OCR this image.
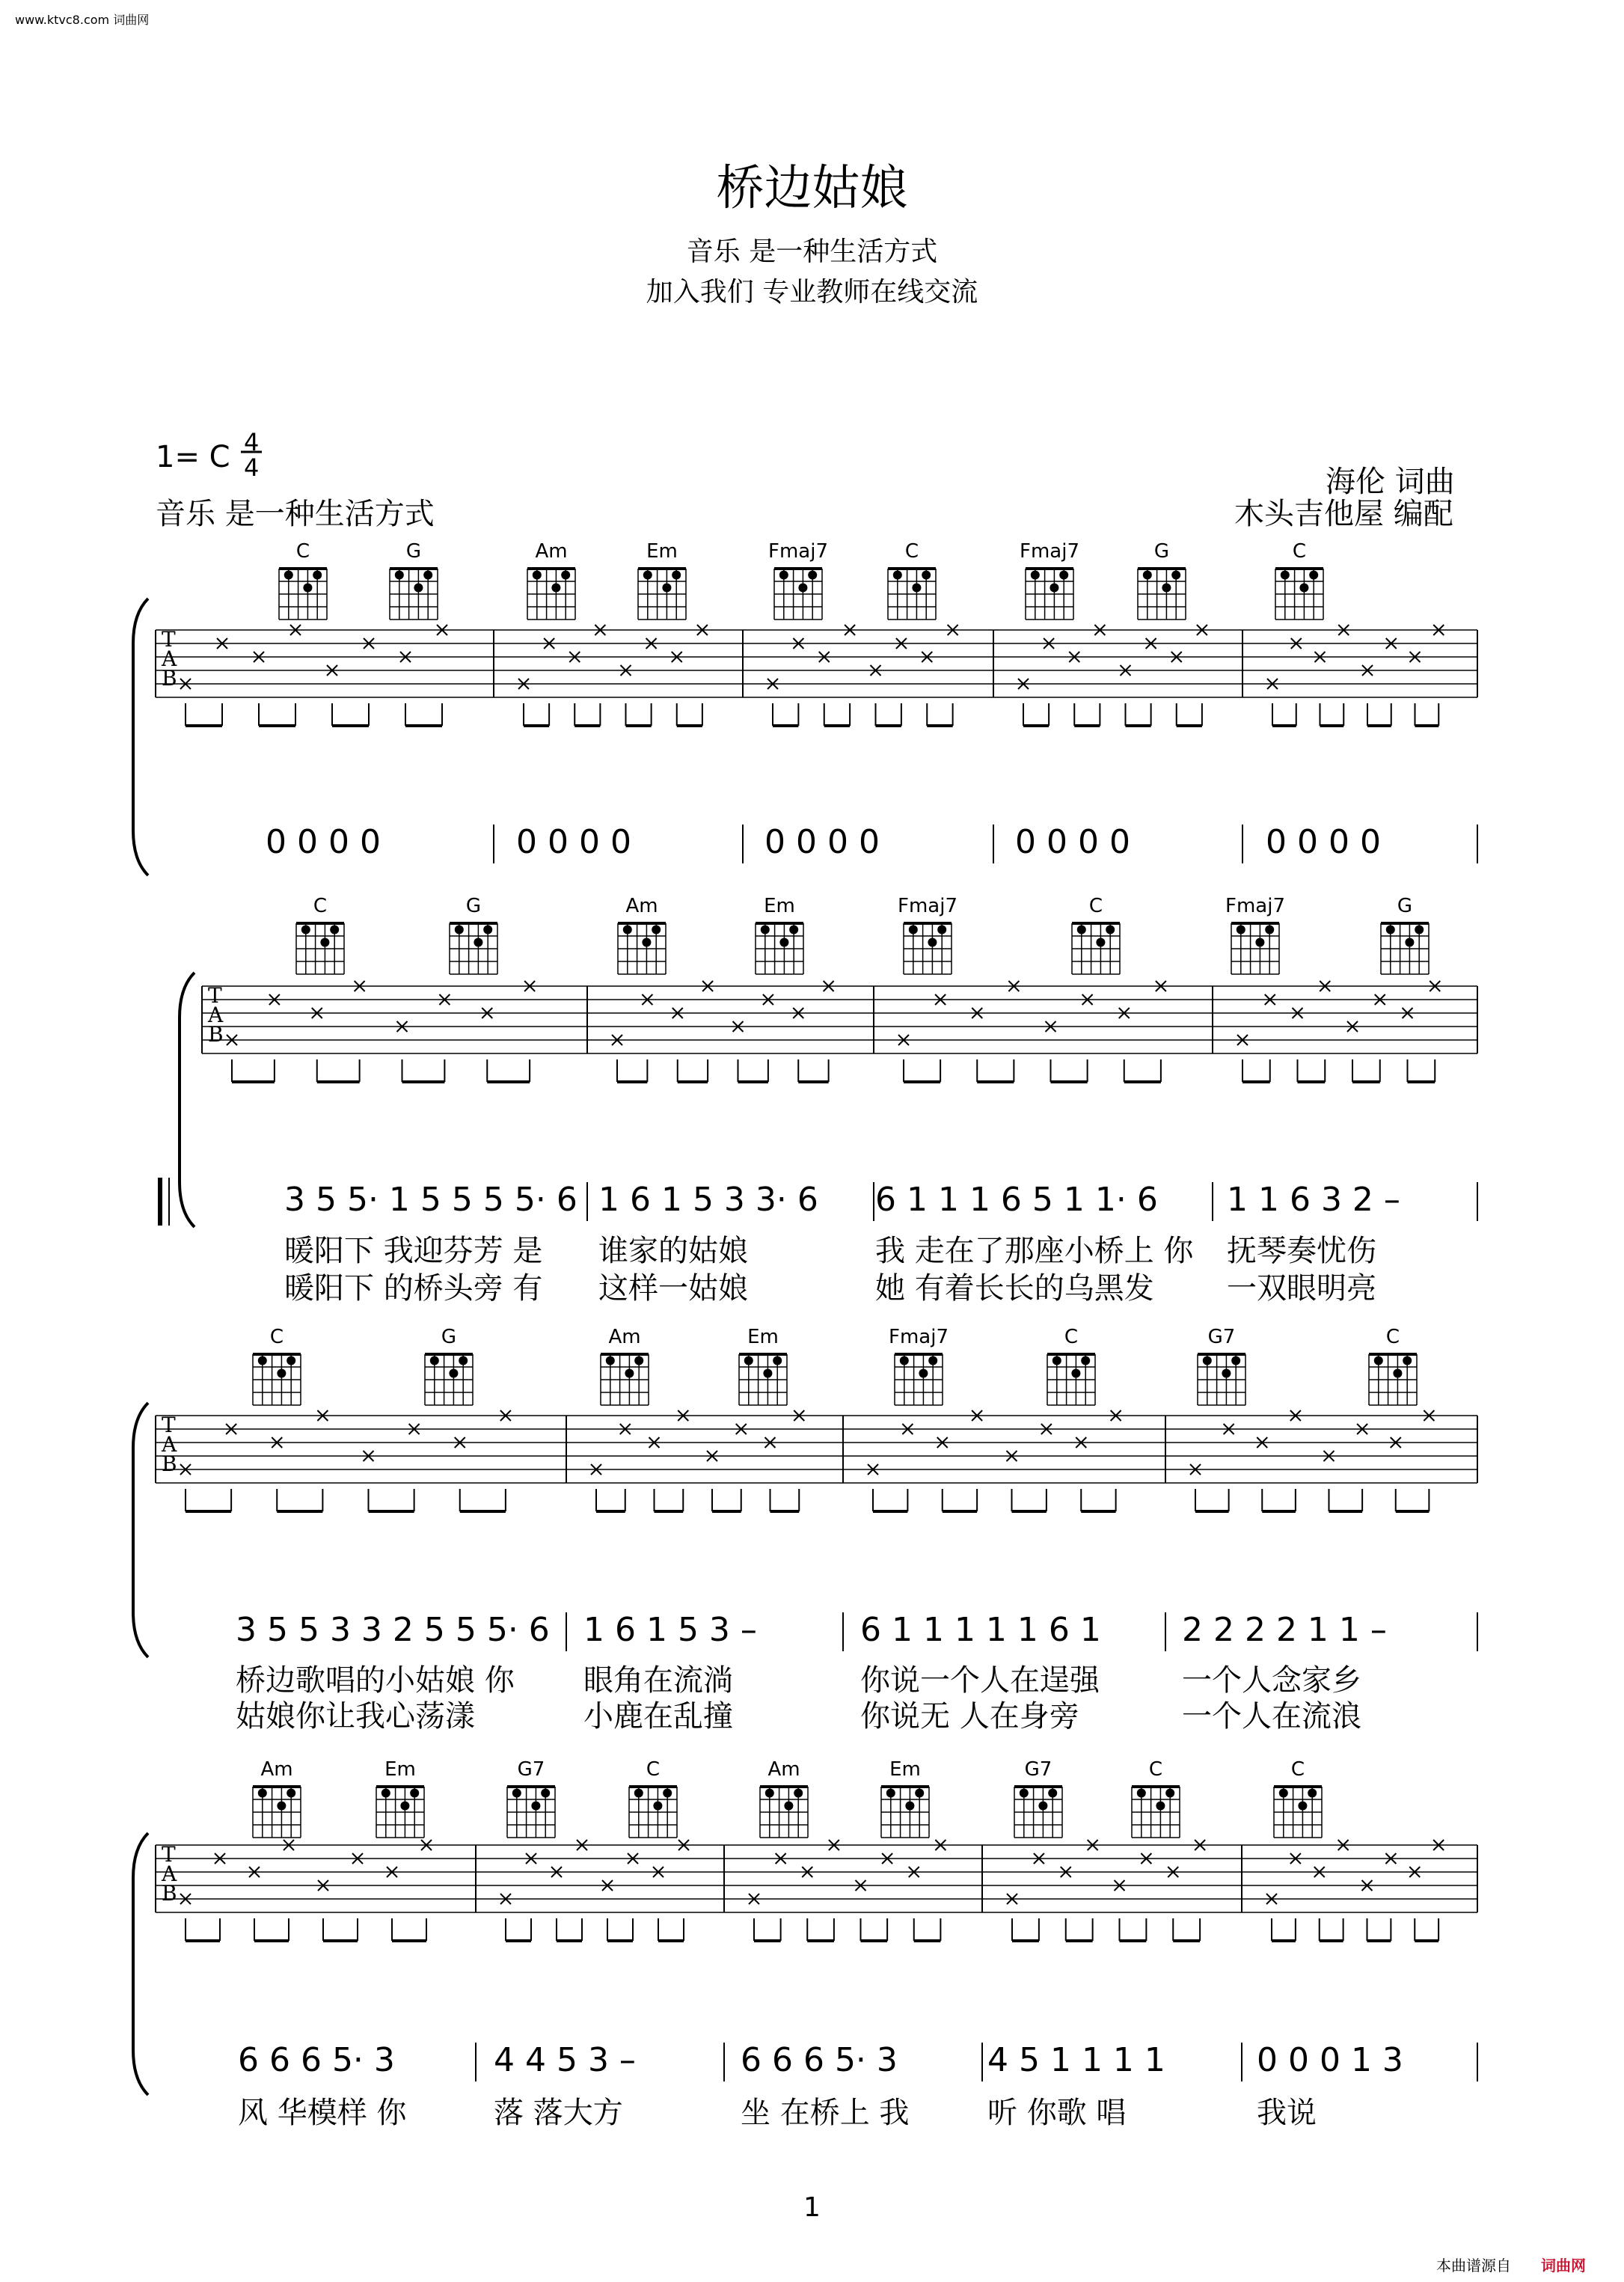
www.ktvc8.com 词曲网
桥边姑娘
音乐 是一种生活方式
加入我们 专业教师在线交流
1= C 4
4
音乐 是一种生活方式
海伦 词曲
木头吉他屋 编配
T
A
B
T
A
B
T
A
B
T
A
B
C	G	Am	Em	Fmaj7	C	Fmaj7	G	C
C	G	Am	Em	Fmaj7	C	Fmaj7	G
C	G	Am	Em	Fmaj7	C	G7	C
Am	Em	G7	C	Am	Em	G7	C	C
0 0 0 0	0 0 0 0	0 0 0 0	0 0 0 0	0 0 0 0
3 5 5· 1 5 5 5 5· 6 1 6 1 5 3 3· 6 6 1 1 1 6 5 1 1· 6 1 1 6 3 2 –
3 5 5 3 3 2 5 5 5· 6 1 6 1 5 3 –	6 1 1 1 1 1 6 1 2 2 2 2 1 1 –
6 6 6 5· 3	4 4 5 3 –	6 6 6 5· 3	4 5 1 1 1 1	0 0 0 1 3
暖阳下 我迎芬芳 是 谁家的姑娘	我 走在了那座小桥上 你 抚琴奏忧伤
暖阳下 的桥头旁 有 这样一姑娘	她 有着长长的乌黑发 一双眼明亮
桥边歌唱的小姑娘 你 眼角在流淌	你说一个人在逞强	一个人念家乡
姑娘你让我心荡漾	小鹿在乱撞	你说无 人在身旁	一个人在流浪
风 华模样 你	落 落大方	坐 在桥上 我	听 你歌 唱	我说
1
本曲谱源自 词曲网
